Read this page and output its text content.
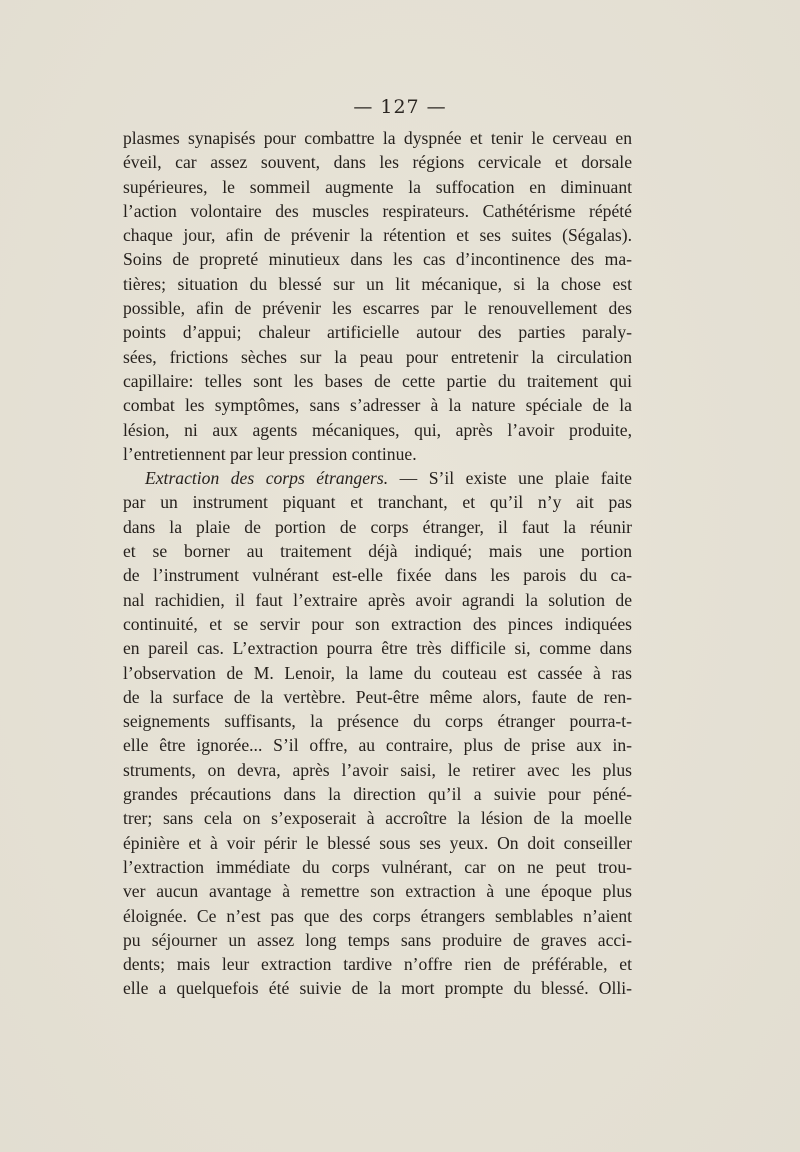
— 127 —
plasmes synapisés pour combattre la dyspnée et tenir le cerveau en
éveil, car assez souvent, dans les régions cervicale et dorsale
supérieures, le sommeil augmente la suffocation en diminuant
l’action volontaire des muscles respirateurs. Cathétérisme répété
chaque jour, afin de prévenir la rétention et ses suites (Ségalas).
Soins de propreté minutieux dans les cas d’incontinence des ma-
tières; situation du blessé sur un lit mécanique, si la chose est
possible, afin de prévenir les escarres par le renouvellement des
points d’appui; chaleur artificielle autour des parties paraly-
sées, frictions sèches sur la peau pour entretenir la circulation
capillaire: telles sont les bases de cette partie du traitement qui
combat les symptômes, sans s’adresser à la nature spéciale de la
lésion, ni aux agents mécaniques, qui, après l’avoir produite,
l’entretiennent par leur pression continue.
Extraction des corps étrangers. — S’il existe une plaie faite
par un instrument piquant et tranchant, et qu’il n’y ait pas
dans la plaie de portion de corps étranger, il faut la réunir
et se borner au traitement déjà indiqué; mais une portion
de l’instrument vulnérant est-elle fixée dans les parois du ca-
nal rachidien, il faut l’extraire après avoir agrandi la solution de
continuité, et se servir pour son extraction des pinces indiquées
en pareil cas. L’extraction pourra être très difficile si, comme dans
l’observation de M. Lenoir, la lame du couteau est cassée à ras
de la surface de la vertèbre. Peut-être même alors, faute de ren-
seignements suffisants, la présence du corps étranger pourra-t-
elle être ignorée... S’il offre, au contraire, plus de prise aux in-
struments, on devra, après l’avoir saisi, le retirer avec les plus
grandes précautions dans la direction qu’il a suivie pour péné-
trer; sans cela on s’exposerait à accroître la lésion de la moelle
épinière et à voir périr le blessé sous ses yeux. On doit conseiller
l’extraction immédiate du corps vulnérant, car on ne peut trou-
ver aucun avantage à remettre son extraction à une époque plus
éloignée. Ce n’est pas que des corps étrangers semblables n’aient
pu séjourner un assez long temps sans produire de graves acci-
dents; mais leur extraction tardive n’offre rien de préférable, et
elle a quelquefois été suivie de la mort prompte du blessé. Olli-
